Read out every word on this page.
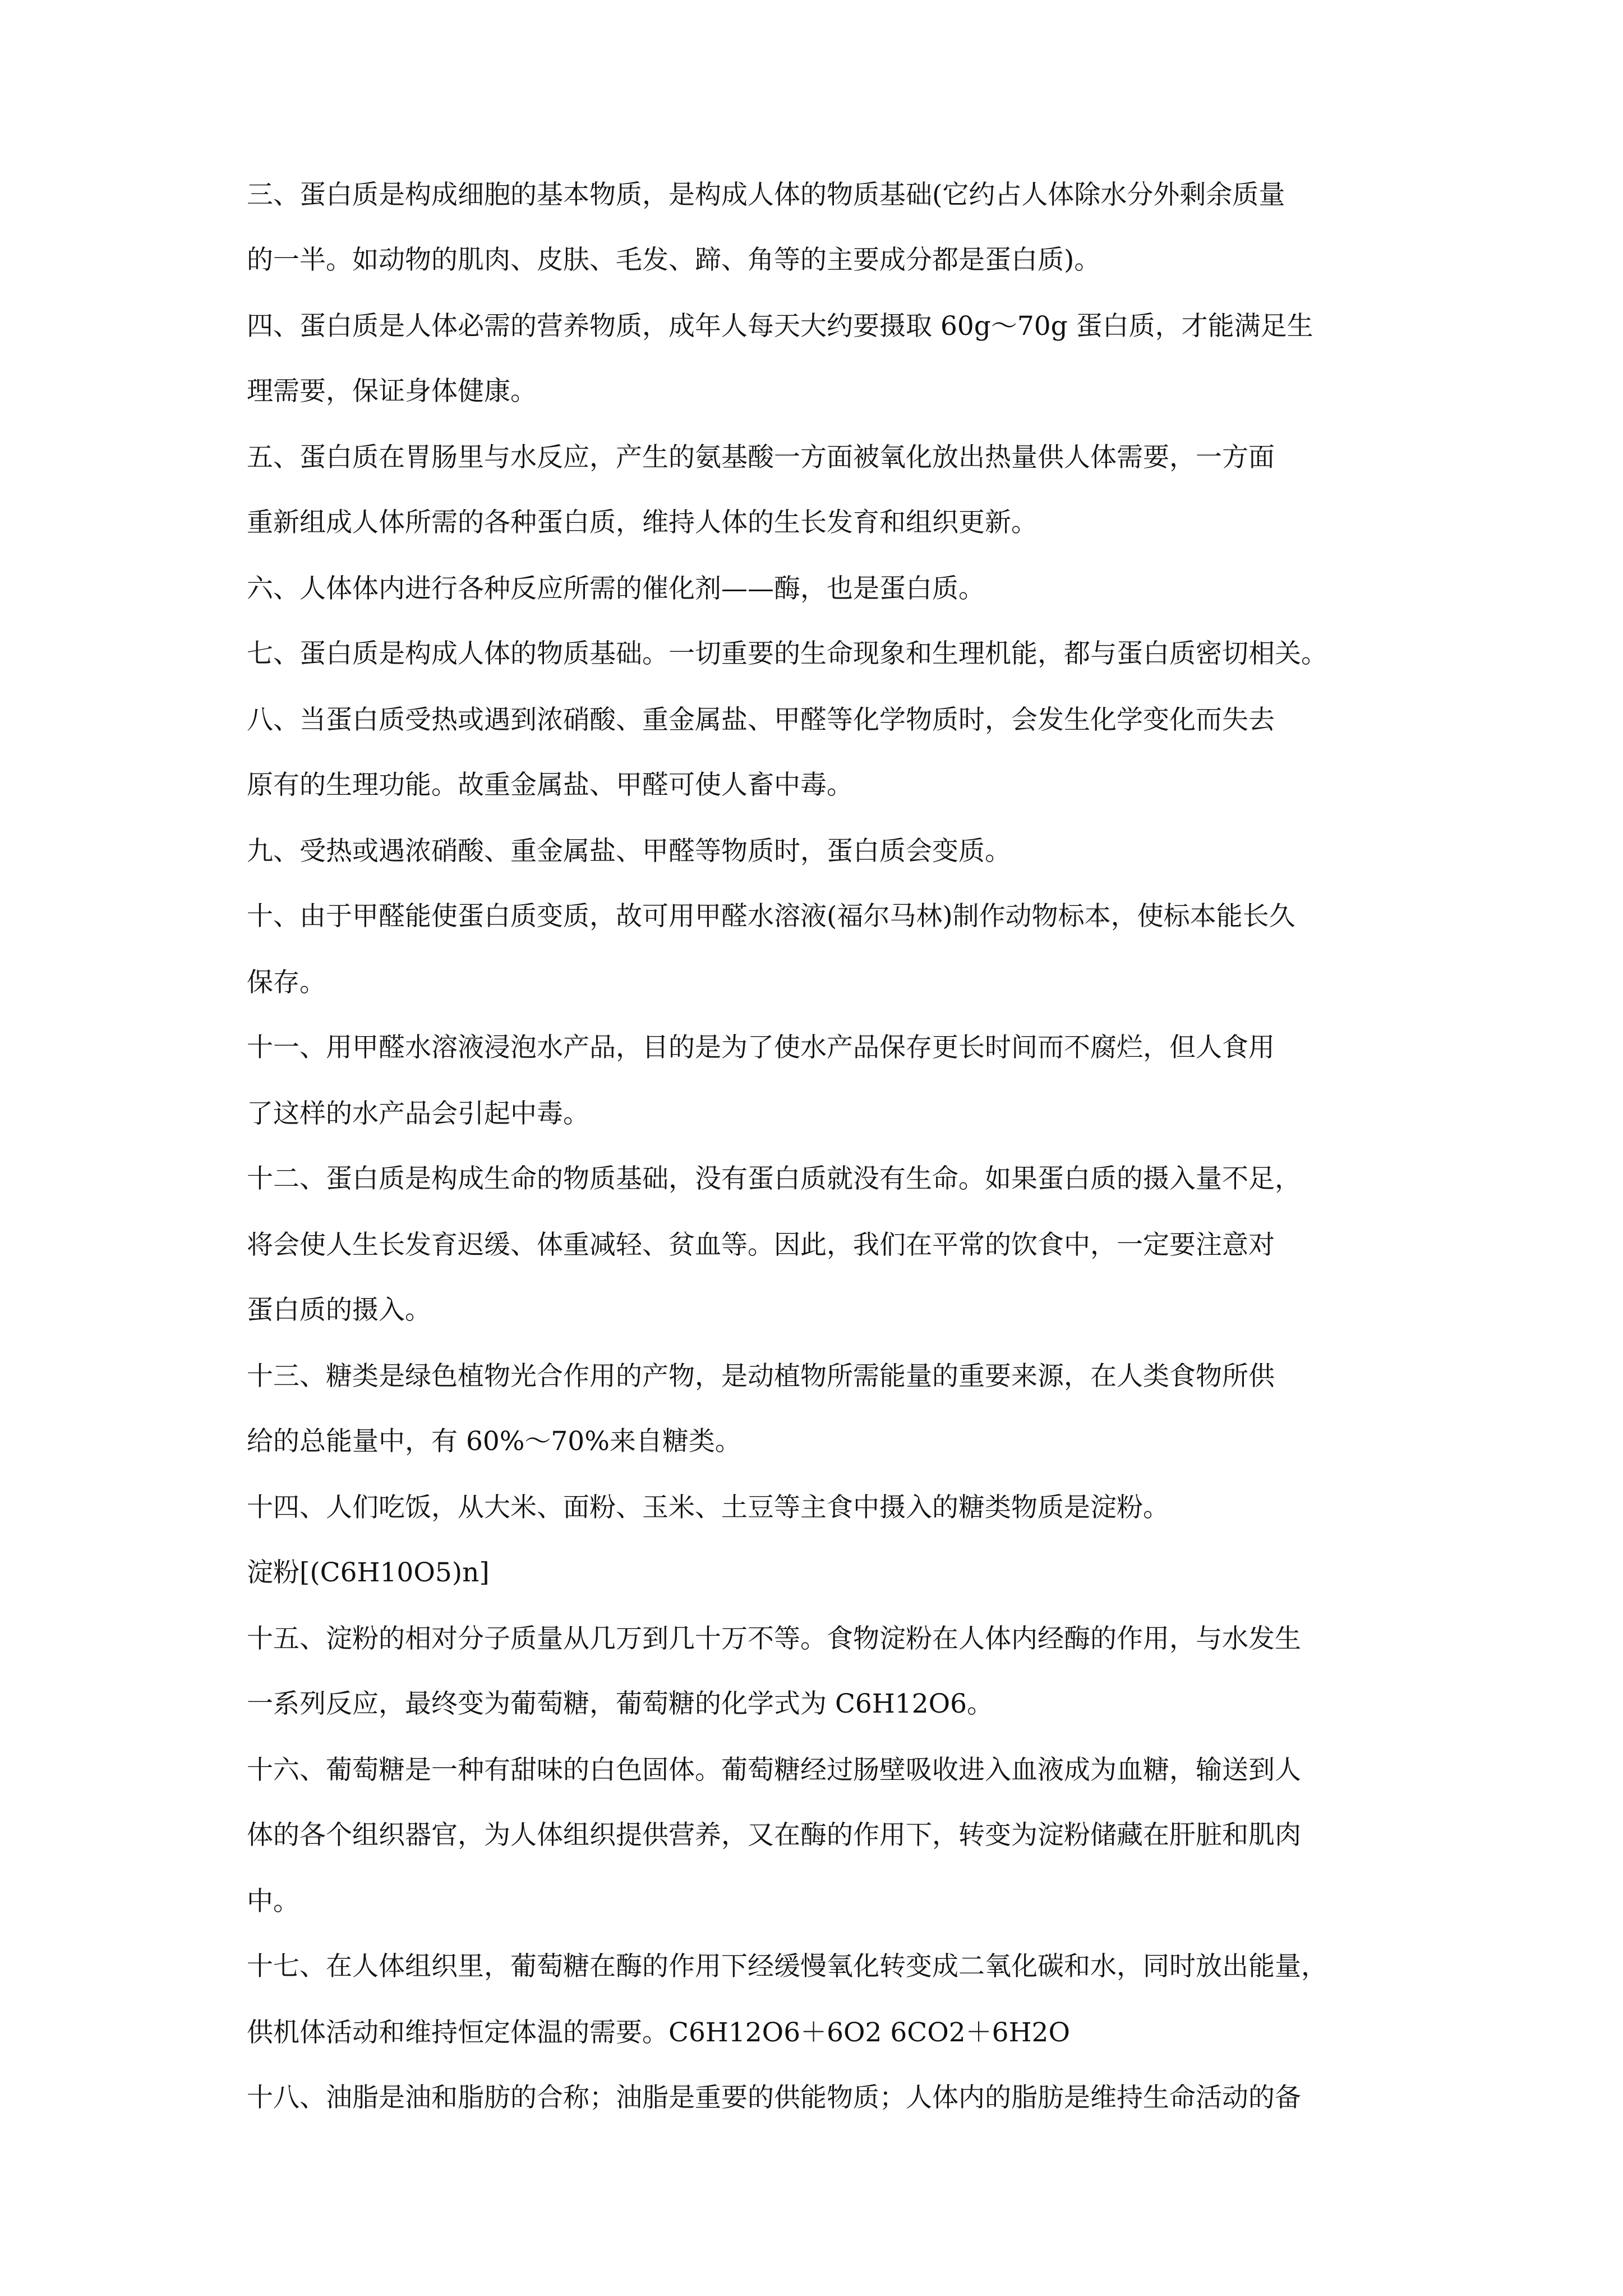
三、蛋白质是构成细胞的基本物质，是构成人体的物质基础(它约占人体除水分外剩余质量
的一半。如动物的肌肉、皮肤、毛发、蹄、角等的主要成分都是蛋白质)。
四、蛋白质是人体必需的营养物质，成年人每天大约要摄取 60g～70g 蛋白质，才能满足生
理需要，保证身体健康。
五、蛋白质在胃肠里与水反应，产生的氨基酸一方面被氧化放出热量供人体需要，一方面
重新组成人体所需的各种蛋白质，维持人体的生长发育和组织更新。
六、人体体内进行各种反应所需的催化剂——酶，也是蛋白质。
七、蛋白质是构成人体的物质基础。一切重要的生命现象和生理机能，都与蛋白质密切相关。
八、当蛋白质受热或遇到浓硝酸、重金属盐、甲醛等化学物质时，会发生化学变化而失去
原有的生理功能。故重金属盐、甲醛可使人畜中毒。
九、受热或遇浓硝酸、重金属盐、甲醛等物质时，蛋白质会变质。
十、由于甲醛能使蛋白质变质，故可用甲醛水溶液(福尔马林)制作动物标本，使标本能长久
保存。
十一、用甲醛水溶液浸泡水产品，目的是为了使水产品保存更长时间而不腐烂，但人食用
了这样的水产品会引起中毒。
十二、蛋白质是构成生命的物质基础，没有蛋白质就没有生命。如果蛋白质的摄入量不足，
将会使人生长发育迟缓、体重减轻、贫血等。因此，我们在平常的饮食中，一定要注意对
蛋白质的摄入。
十三、糖类是绿色植物光合作用的产物，是动植物所需能量的重要来源，在人类食物所供
给的总能量中，有 60%～70%来自糖类。
十四、人们吃饭，从大米、面粉、玉米、土豆等主食中摄入的糖类物质是淀粉。
淀粉[(C6H10O5)n]
十五、淀粉的相对分子质量从几万到几十万不等。食物淀粉在人体内经酶的作用，与水发生
一系列反应，最终变为葡萄糖，葡萄糖的化学式为 C6H12O6。
十六、葡萄糖是一种有甜味的白色固体。葡萄糖经过肠壁吸收进入血液成为血糖，输送到人
体的各个组织器官，为人体组织提供营养，又在酶的作用下，转变为淀粉储藏在肝脏和肌肉
中。
十七、在人体组织里，葡萄糖在酶的作用下经缓慢氧化转变成二氧化碳和水，同时放出能量，
供机体活动和维持恒定体温的需要。C6H12O6＋6O2 6CO2＋6H2O
十八、油脂是油和脂肪的合称；油脂是重要的供能物质；人体内的脂肪是维持生命活动的备
